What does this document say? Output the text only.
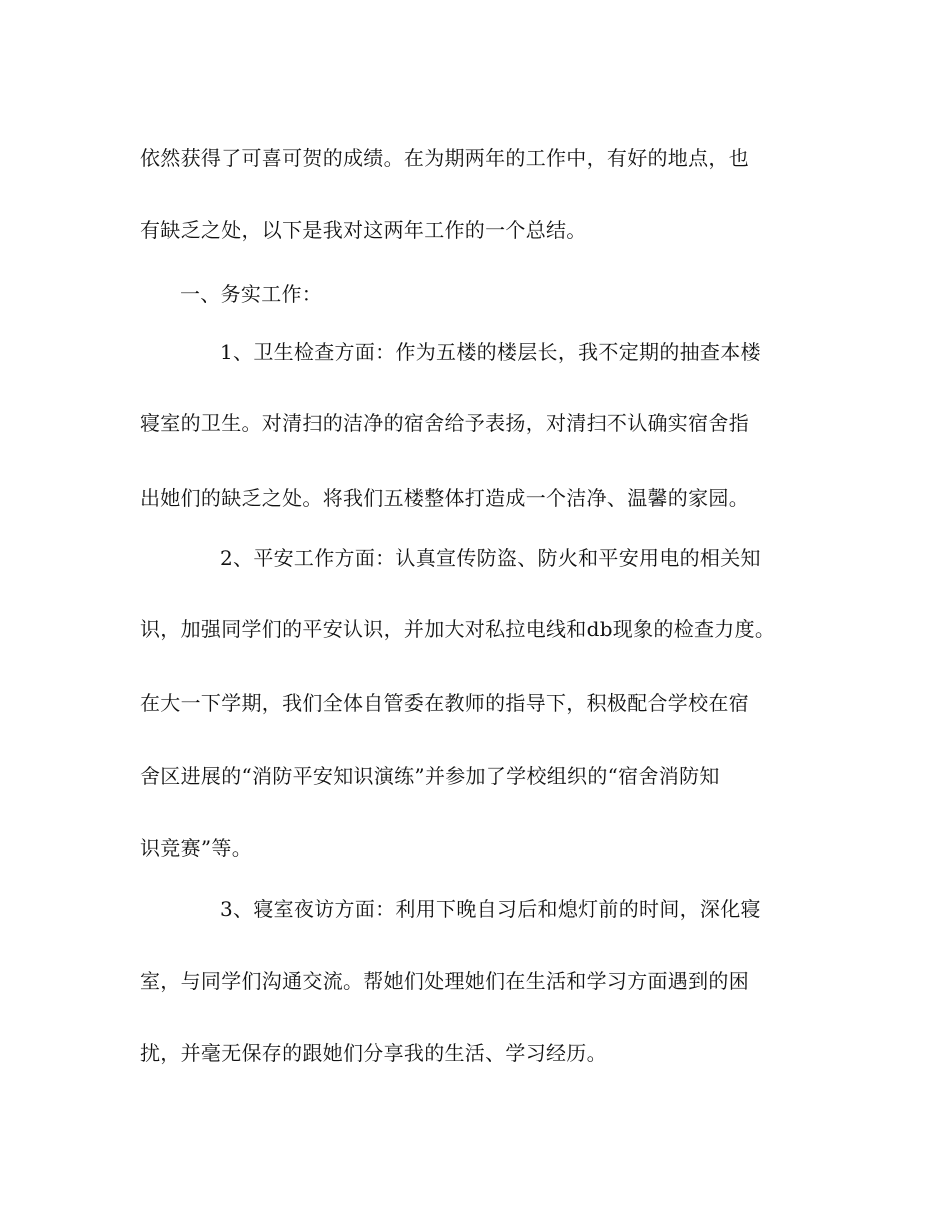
依然获得了可喜可贺的成绩。在为期两年的工作中，有好的地点，也
有缺乏之处，以下是我对这两年工作的一个总结。
一、务实工作：
1、卫生检查方面：作为五楼的楼层长，我不定期的抽查本楼
寝室的卫生。对清扫的洁净的宿舍给予表扬，对清扫不认确实宿舍指
出她们的缺乏之处。将我们五楼整体打造成一个洁净、温馨的家园。
2、平安工作方面：认真宣传防盗、防火和平安用电的相关知
识，加强同学们的平安认识，并加大对私拉电线和db现象的检查力度。
在大一下学期，我们全体自管委在教师的指导下，积极配合学校在宿
舍区进展的“消防平安知识演练”并参加了学校组织的“宿舍消防知
识竞赛”等。
3、寝室夜访方面：利用下晚自习后和熄灯前的时间，深化寝
室，与同学们沟通交流。帮她们处理她们在生活和学习方面遇到的困
扰，并毫无保存的跟她们分享我的生活、学习经历。
